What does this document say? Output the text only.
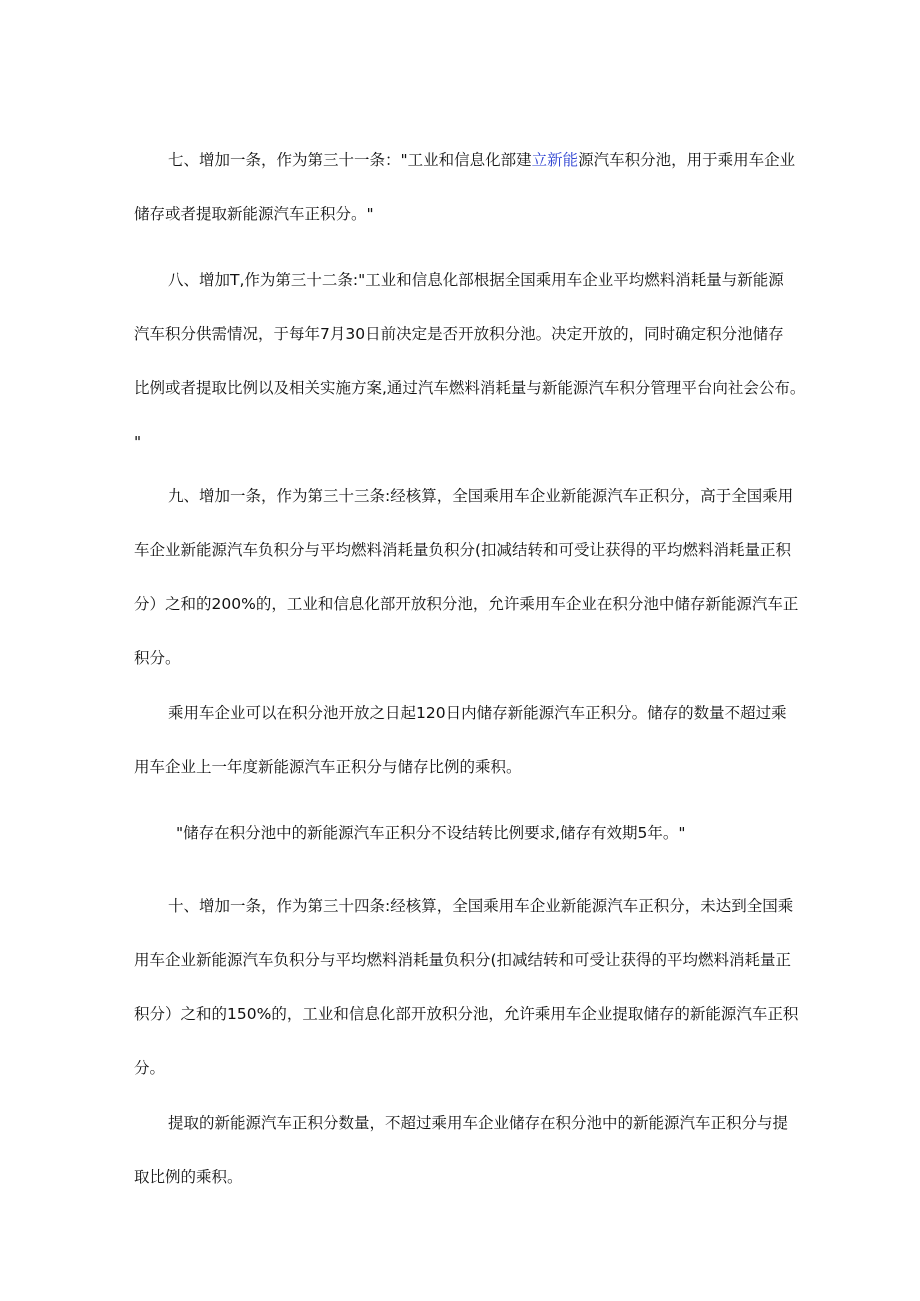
七、增加一条，作为第三十一条："工业和信息化部建立新能源汽车积分池，用于乘用车企业
储存或者提取新能源汽车正积分。"
八、增加T,作为第三十二条:"工业和信息化部根据全国乘用车企业平均燃料消耗量与新能源
汽车积分供需情况，于每年7月30日前决定是否开放积分池。决定开放的，同时确定积分池储存
比例或者提取比例以及相关实施方案,通过汽车燃料消耗量与新能源汽车积分管理平台向社会公布。
"
九、增加一条，作为第三十三条:经核算，全国乘用车企业新能源汽车正积分，高于全国乘用
车企业新能源汽车负积分与平均燃料消耗量负积分(扣减结转和可受让获得的平均燃料消耗量正积
分）之和的200%的，工业和信息化部开放积分池，允许乘用车企业在积分池中储存新能源汽车正
积分。
乘用车企业可以在积分池开放之日起120日内储存新能源汽车正积分。储存的数量不超过乘
用车企业上一年度新能源汽车正积分与储存比例的乘积。
"储存在积分池中的新能源汽车正积分不设结转比例要求,储存有效期5年。"
十、增加一条，作为第三十四条:经核算，全国乘用车企业新能源汽车正积分，未达到全国乘
用车企业新能源汽车负积分与平均燃料消耗量负积分(扣减结转和可受让获得的平均燃料消耗量正
积分）之和的150%的，工业和信息化部开放积分池，允许乘用车企业提取储存的新能源汽车正积
分。
提取的新能源汽车正积分数量，不超过乘用车企业储存在积分池中的新能源汽车正积分与提
取比例的乘积。
